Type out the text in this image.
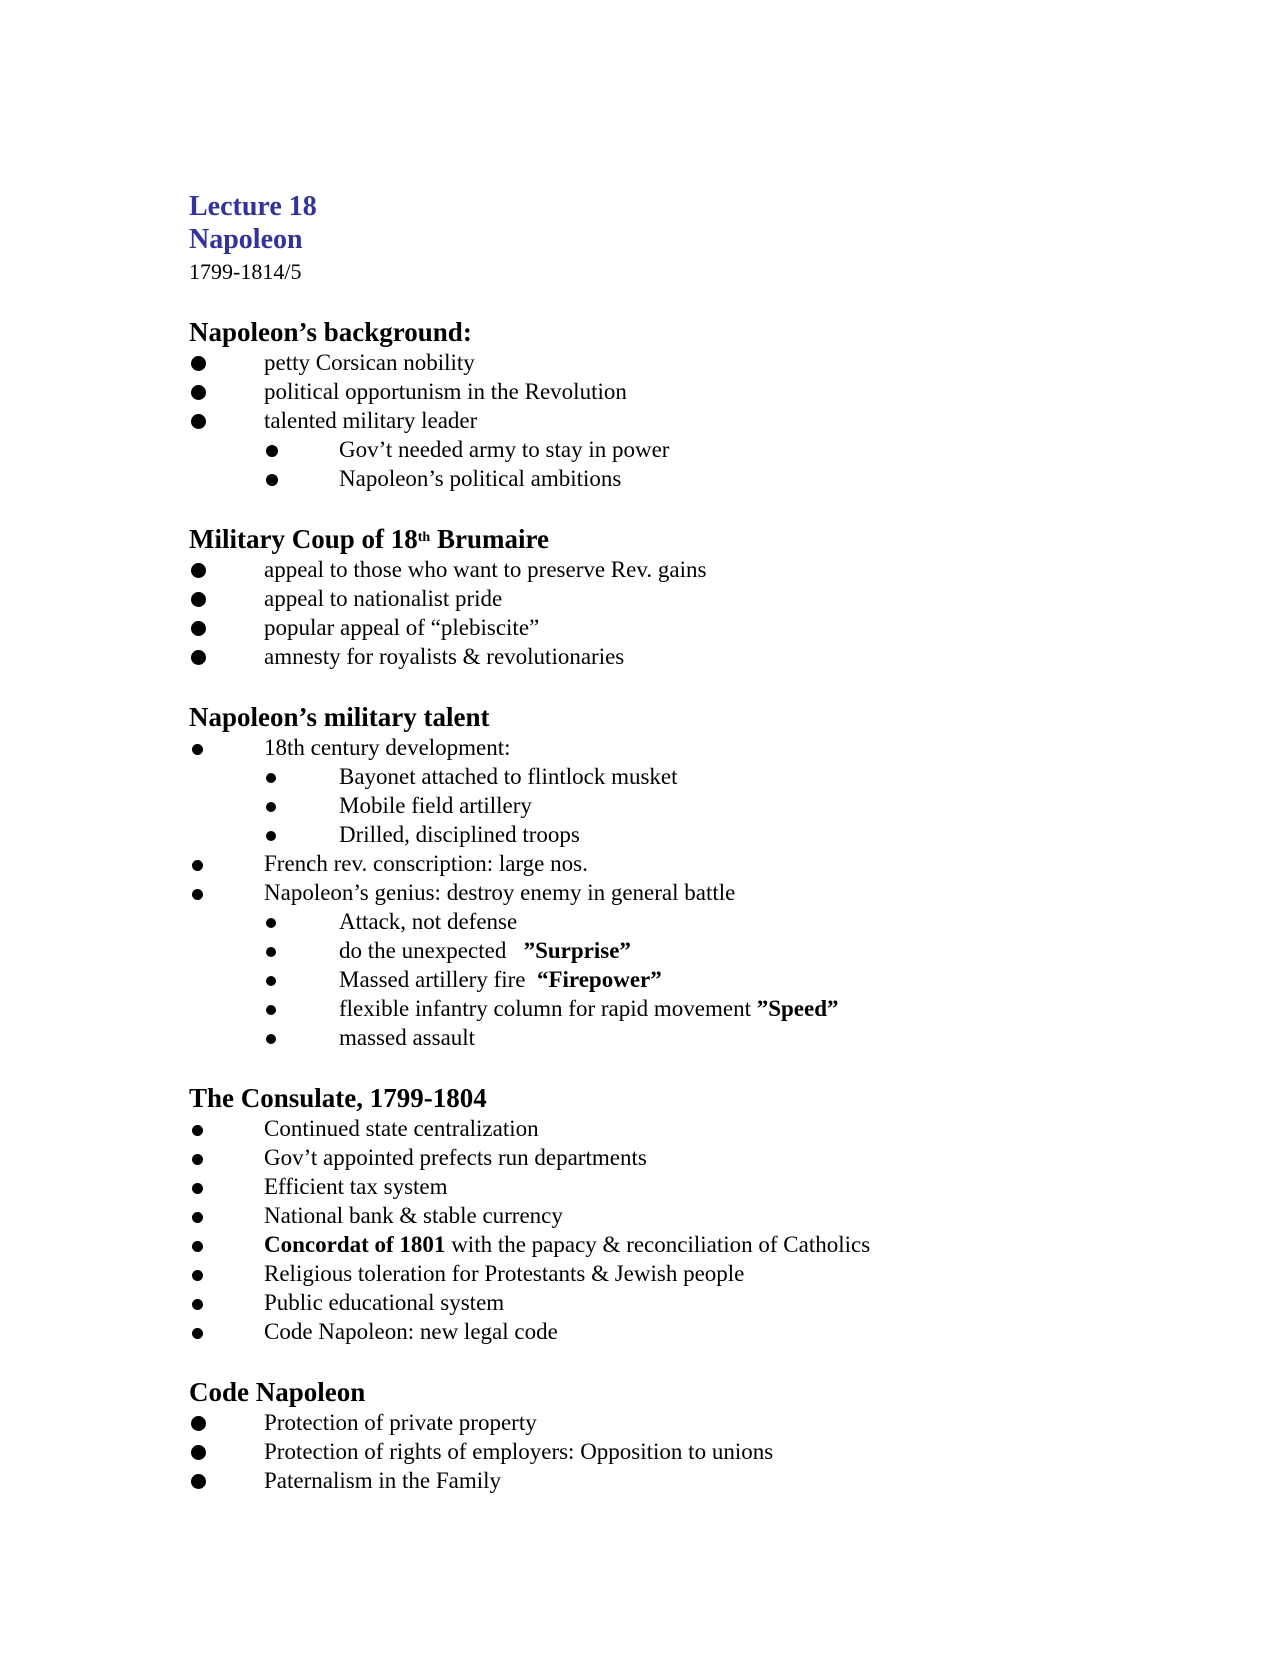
Lecture 18
Napoleon
1799-1814/5
Napoleon’s background:
petty Corsican nobility
political opportunism in the Revolution
talented military leader
Gov’t needed army to stay in power
Napoleon’s political ambitions
Military Coup of 18th Brumaire
appeal to those who want to preserve Rev. gains
appeal to nationalist pride
popular appeal of “plebiscite”
amnesty for royalists & revolutionaries
Napoleon’s military talent
18th century development:
Bayonet attached to flintlock musket
Mobile field artillery
Drilled, disciplined troops
French rev. conscription: large nos.
Napoleon’s genius: destroy enemy in general battle
Attack, not defense
do the unexpected   ”Surprise”
Massed artillery fire  “Firepower”
flexible infantry column for rapid movement ”Speed”
massed assault
The Consulate, 1799-1804
Continued state centralization
Gov’t appointed prefects run departments
Efficient tax system
National bank & stable currency
Concordat of 1801 with the papacy & reconciliation of Catholics
Religious toleration for Protestants & Jewish people
Public educational system
Code Napoleon: new legal code
Code Napoleon
Protection of private property
Protection of rights of employers: Opposition to unions
Paternalism in the Family
